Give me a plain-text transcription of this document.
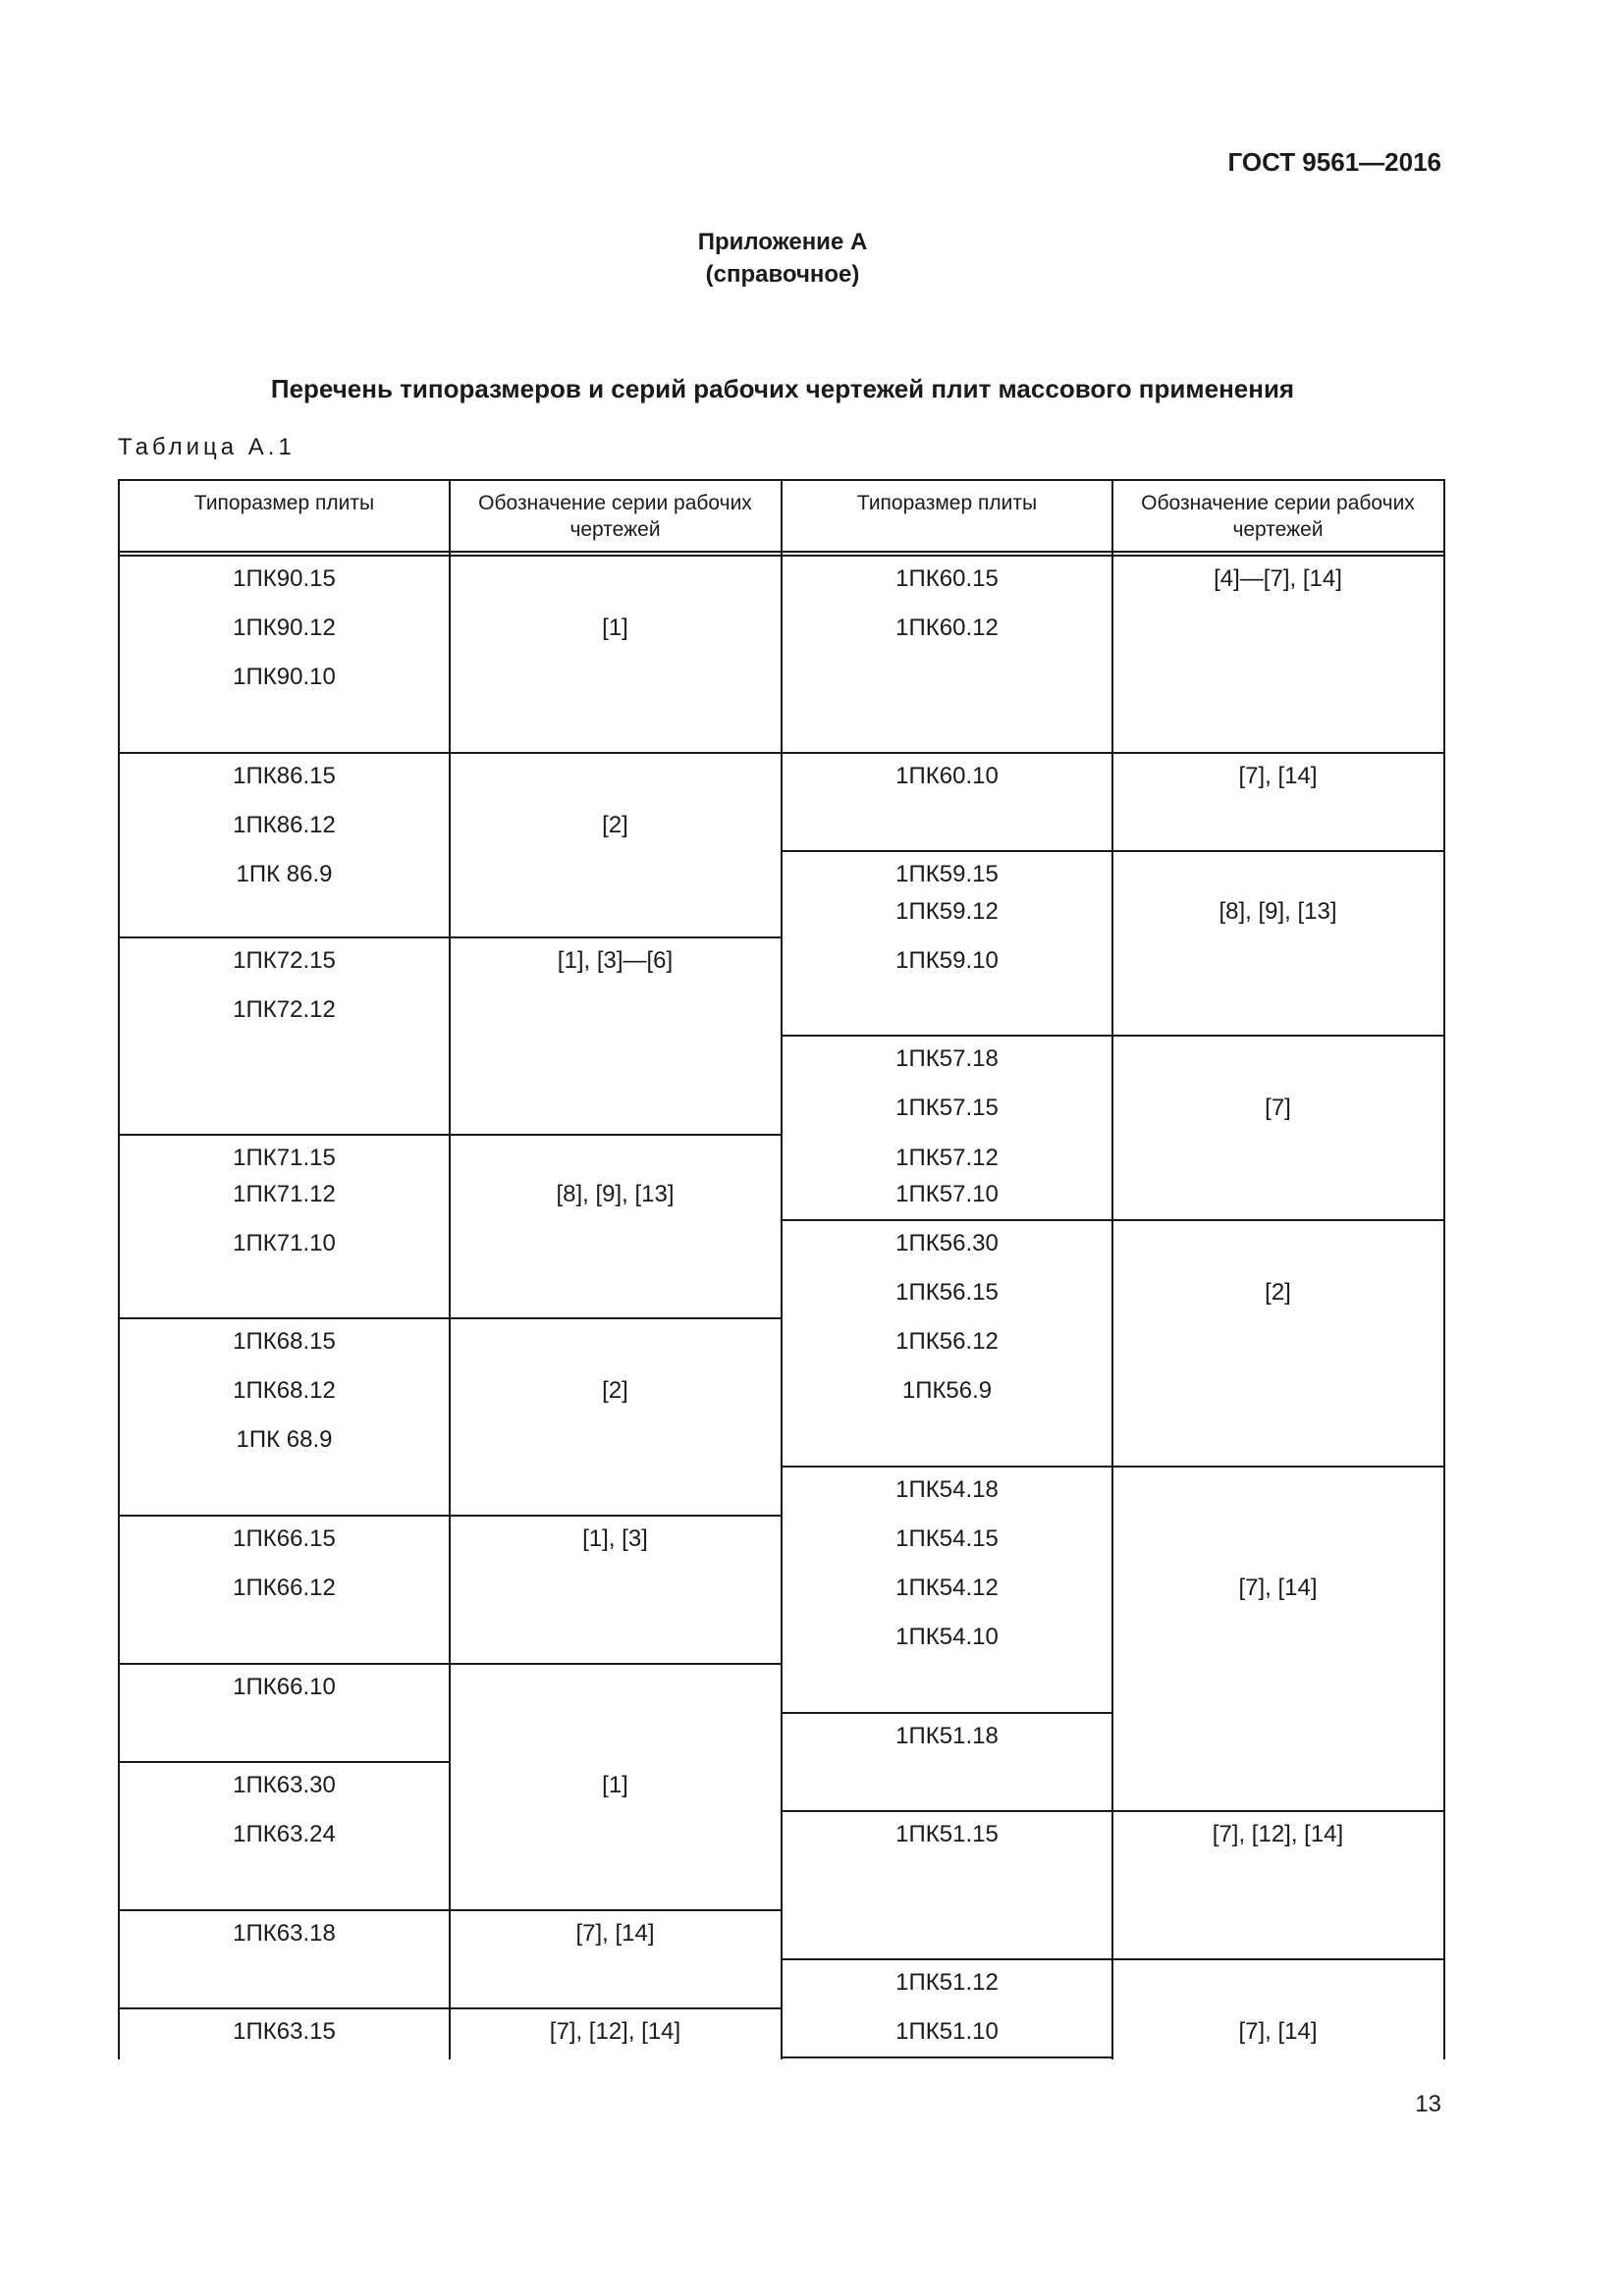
ГОСТ 9561—2016
Приложение А
(справочное)
Перечень типоразмеров и серий рабочих чертежей плит массового применения
Таблица А.1
Типоразмер плиты	Обозначение серии рабочих чертежей
Типоразмер плиты	Обозначение серии рабочих чертежей
1ПК90.15
1ПК90.12
1ПК90.10
1ПК86.15
1ПК86.12
1ПК 86.9
1ПК72.15
1ПК72.12
1ПК71.15
1ПК71.12
1ПК71.10
1ПК68.15
1ПК68.12
1ПК 68.9
1ПК66.15
1ПК66.12
1ПК66.10
1ПК63.30
1ПК63.24
1ПК63.18
1ПК63.15
[1]
[2]
[1], [3]—[6]
[8], [9], [13]
[2]
[1], [3]
[1]
[7], [14]
[7], [12], [14]
1ПК60.15
1ПК60.12
1ПК60.10
1ПК59.15
1ПК59.12
1ПК59.10
1ПК57.18
1ПК57.15
1ПК57.12
1ПК57.10
1ПК56.30
1ПК56.15
1ПК56.12
1ПК56.9
1ПК54.18
1ПК54.15
1ПК54.12
1ПК54.10
1ПК51.18
1ПК51.15
1ПК51.12
1ПК51.10
[4]—[7], [14]
[7], [14]
[8], [9], [13]
[7]
[2]
[7], [14]
[7], [12], [14]
[7], [14]
13
